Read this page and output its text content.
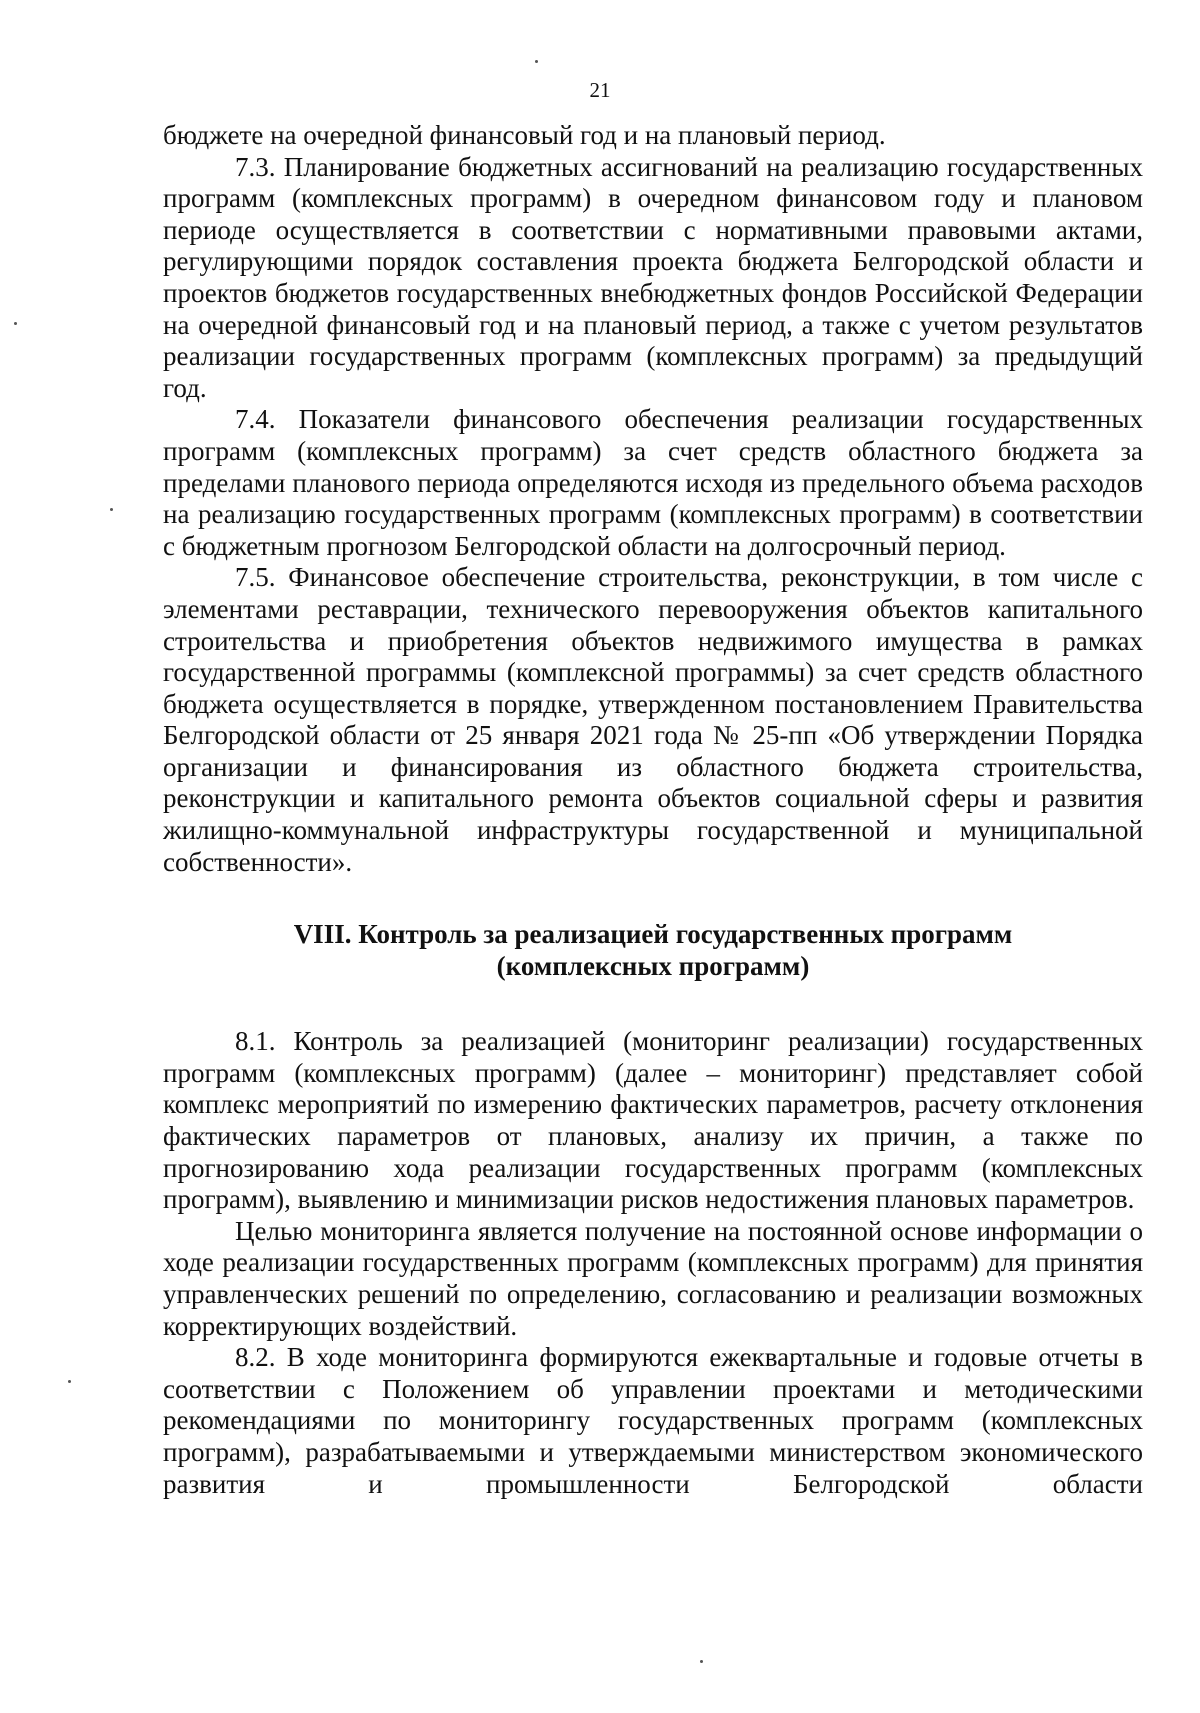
21

бюджете на очередной финансовый год и на плановый период.

7.3. Планирование бюджетных ассигнований на реализацию государственных программ (комплексных программ) в очередном финансовом году и плановом периоде осуществляется в соответствии с нормативными правовыми актами, регулирующими порядок составления проекта бюджета Белгородской области и проектов бюджетов государственных внебюджетных фондов Российской Федерации на очередной финансовый год и на плановый период, а также с учетом результатов реализации государственных программ (комплексных программ) за предыдущий год.

7.4. Показатели финансового обеспечения реализации государственных программ (комплексных программ) за счет средств областного бюджета за пределами планового периода определяются исходя из предельного объема расходов на реализацию государственных программ (комплексных программ) в соответствии с бюджетным прогнозом Белгородской области на долгосрочный период.

7.5. Финансовое обеспечение строительства, реконструкции, в том числе с элементами реставрации, технического перевооружения объектов капитального строительства и приобретения объектов недвижимого имущества в рамках государственной программы (комплексной программы) за счет средств областного бюджета осуществляется в порядке, утвержденном постановлением Правительства Белгородской области от 25 января 2021 года № 25-пп «Об утверждении Порядка организации и финансирования из областного бюджета строительства, реконструкции и капитального ремонта объектов социальной сферы и развития жилищно-коммунальной инфраструктуры государственной и муниципальной собственности».

VIII. Контроль за реализацией государственных программ
(комплексных программ)

8.1. Контроль за реализацией (мониторинг реализации) государственных программ (комплексных программ) (далее – мониторинг) представляет собой комплекс мероприятий по измерению фактических параметров, расчету отклонения фактических параметров от плановых, анализу их причин, а также по прогнозированию хода реализации государственных программ (комплексных программ), выявлению и минимизации рисков недостижения плановых параметров.

Целью мониторинга является получение на постоянной основе информации о ходе реализации государственных программ (комплексных программ) для принятия управленческих решений по определению, согласованию и реализации возможных корректирующих воздействий.

8.2. В ходе мониторинга формируются ежеквартальные и годовые отчеты в соответствии с Положением об управлении проектами и методическими рекомендациями по мониторингу государственных программ (комплексных программ), разрабатываемыми и утверждаемыми министерством экономического развития и промышленности Белгородской области
